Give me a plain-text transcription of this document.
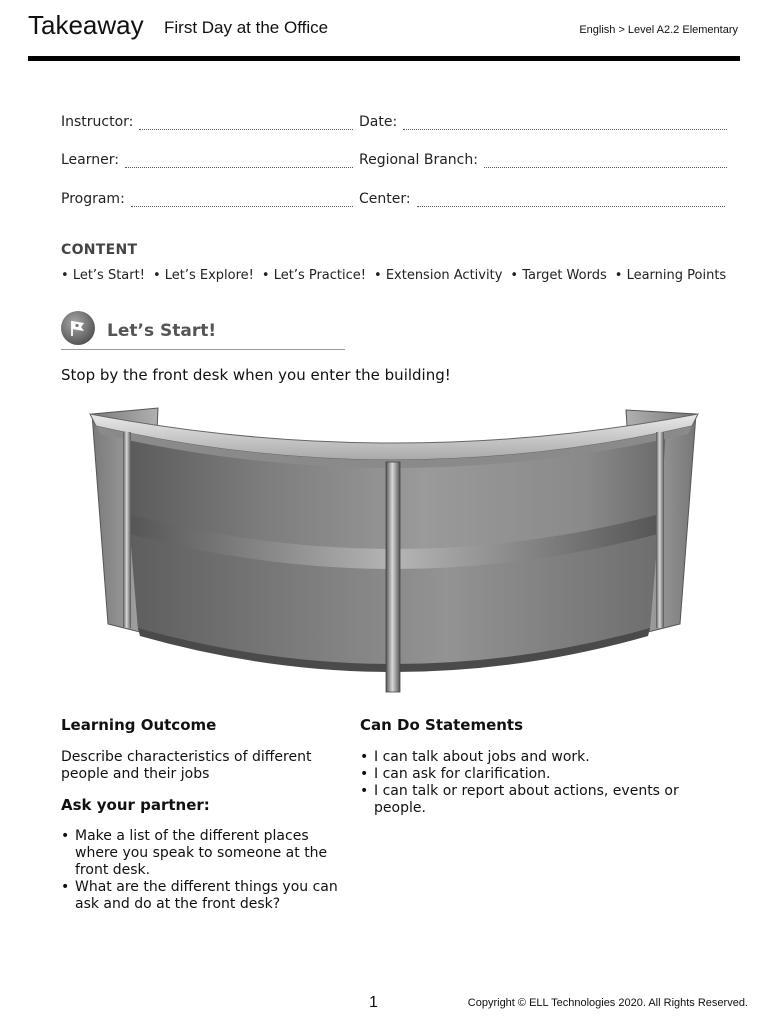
Takeaway First Day at the Office	English > Level A2.2 Elementary
Instructor:	Date:
Learner:	Regional Branch:
Program:	Center:
CONTENT
• Let’s Start!	• Let’s Explore!	• Let’s Practice!	• Extension Activity	• Target Words	• Learning Points
Let’s Start!
Stop by the front desk when you enter the building!
Learning Outcome
Describe characteristics of different people and their jobs
Ask your partner:
• Make a list of the different places where you speak to someone at the front desk.
• What are the different things you can ask and do at the front desk?
Can Do Statements
• I can talk about jobs and work.
• I can ask for clarification.
• I can talk or report about actions, events or people.
1	Copyright © ELL Technologies 2020. All Rights Reserved.
